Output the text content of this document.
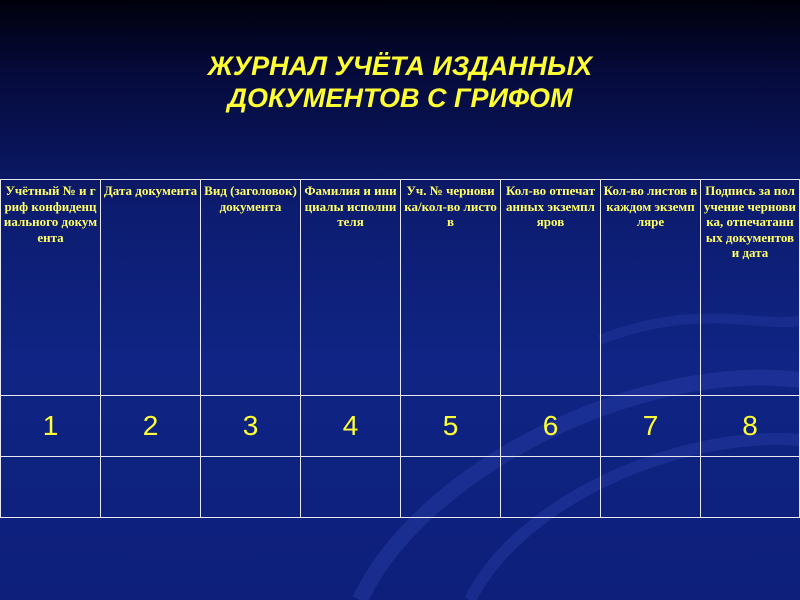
ЖУРНАЛ УЧЁТА ИЗДАННЫХ
ДОКУМЕНТОВ С ГРИФОМ
Учётный № и гриф конфиденциального документа	Дата документа	Вид (заголовок) документа	Фамилия и инициалы исполнителя	Уч. № черновика/кол-во листов	Кол-во отпечатанных экземпляров	Кол-во листов в каждом экземпляре	Подпись за получение черновика, отпечатанных документов и дата

1	2	3	4	5	6	7	8
